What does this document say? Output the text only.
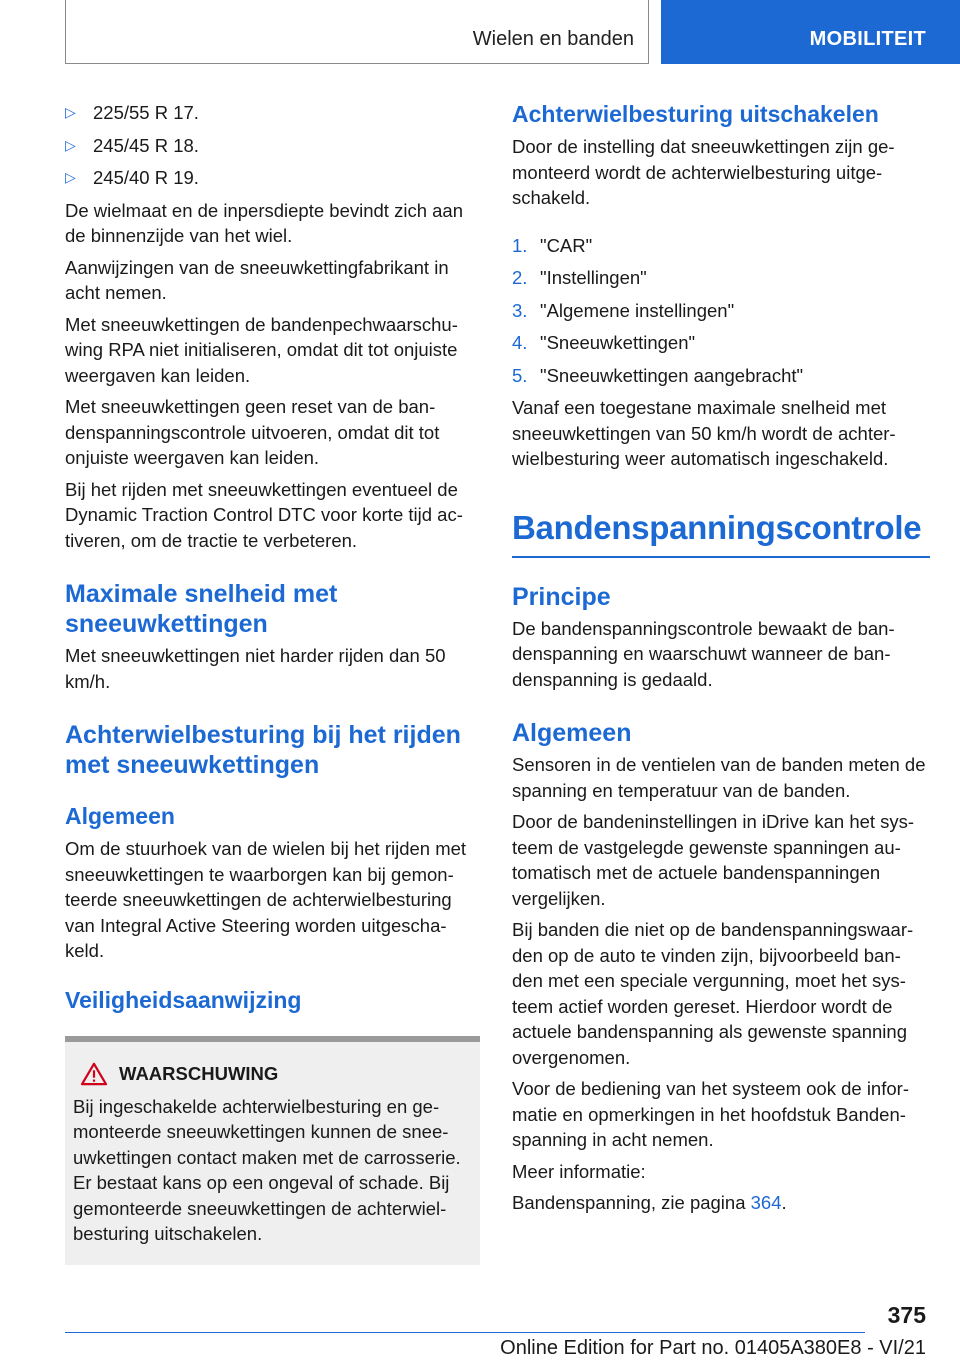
Wielen en banden	MOBILITEIT
▷ 225/55 R 17.
▷ 245/45 R 18.
▷ 245/40 R 19.

De wielmaat en de inpersdiepte bevindt zich aan de binnenzijde van het wiel.

Aanwijzingen van de sneeuwkettingfabrikant in acht nemen.

Met sneeuwkettingen de bandenpechwaarschu-wing RPA niet initialiseren, omdat dit tot onjuiste weergaven kan leiden.

Met sneeuwkettingen geen reset van de ban-denspanningscontrole uitvoeren, omdat dit tot onjuiste weergaven kan leiden.

Bij het rijden met sneeuwkettingen eventueel de Dynamic Traction Control DTC voor korte tijd ac-tiveren, om de tractie te verbeteren.

Maximale snelheid met sneeuwkettingen

Met sneeuwkettingen niet harder rijden dan 50 km/h.

Achterwielbesturing bij het rijden met sneeuwkettingen
Algemeen

Om de stuurhoek van de wielen bij het rijden met sneeuwkettingen te waarborgen kan bij gemon-teerde sneeuwkettingen de achterwielbesturing van Integral Active Steering worden uitgescha-keld.

Veiligheidsaanwijzing
WAARSCHUWING

Bij ingeschakelde achterwielbesturing en ge-monteerde sneeuwkettingen kunnen de snee-uwkettingen contact maken met de carrosserie. Er bestaat kans op een ongeval of schade. Bij gemonteerde sneeuwkettingen de achterwiel-besturing uitschakelen.

Achterwielbesturing uitschakelen

Door de instelling dat sneeuwkettingen zijn ge-monteerd wordt de achterwielbesturing uitge-schakeld.

1. "CAR"
2. "Instellingen"
3. "Algemene instellingen"
4. "Sneeuwkettingen"
5. "Sneeuwkettingen aangebracht"

Vanaf een toegestane maximale snelheid met sneeuwkettingen van 50 km/h wordt de achter-wielbesturing weer automatisch ingeschakeld.

Bandenspanningscontrole
Principe

De bandenspanningscontrole bewaakt de ban-denspanning en waarschuwt wanneer de ban-denspanning is gedaald.

Algemeen

Sensoren in de ventielen van de banden meten de spanning en temperatuur van de banden.

Door de bandeninstellingen in iDrive kan het sys-teem de vastgelegde gewenste spanningen au-tomatisch met de actuele bandenspanningen vergelijken.

Bij banden die niet op de bandenspanningswaar-den op de auto te vinden zijn, bijvoorbeeld ban-den met een speciale vergunning, moet het sys-teem actief worden gereset. Hierdoor wordt de actuele bandenspanning als gewenste spanning overgenomen.

Voor de bediening van het systeem ook de infor-matie en opmerkingen in het hoofdstuk Banden-spanning in acht nemen.

Meer informatie:

Bandenspanning, zie pagina 364.

375
Online Edition for Part no. 01405A380E8 - VI/21
